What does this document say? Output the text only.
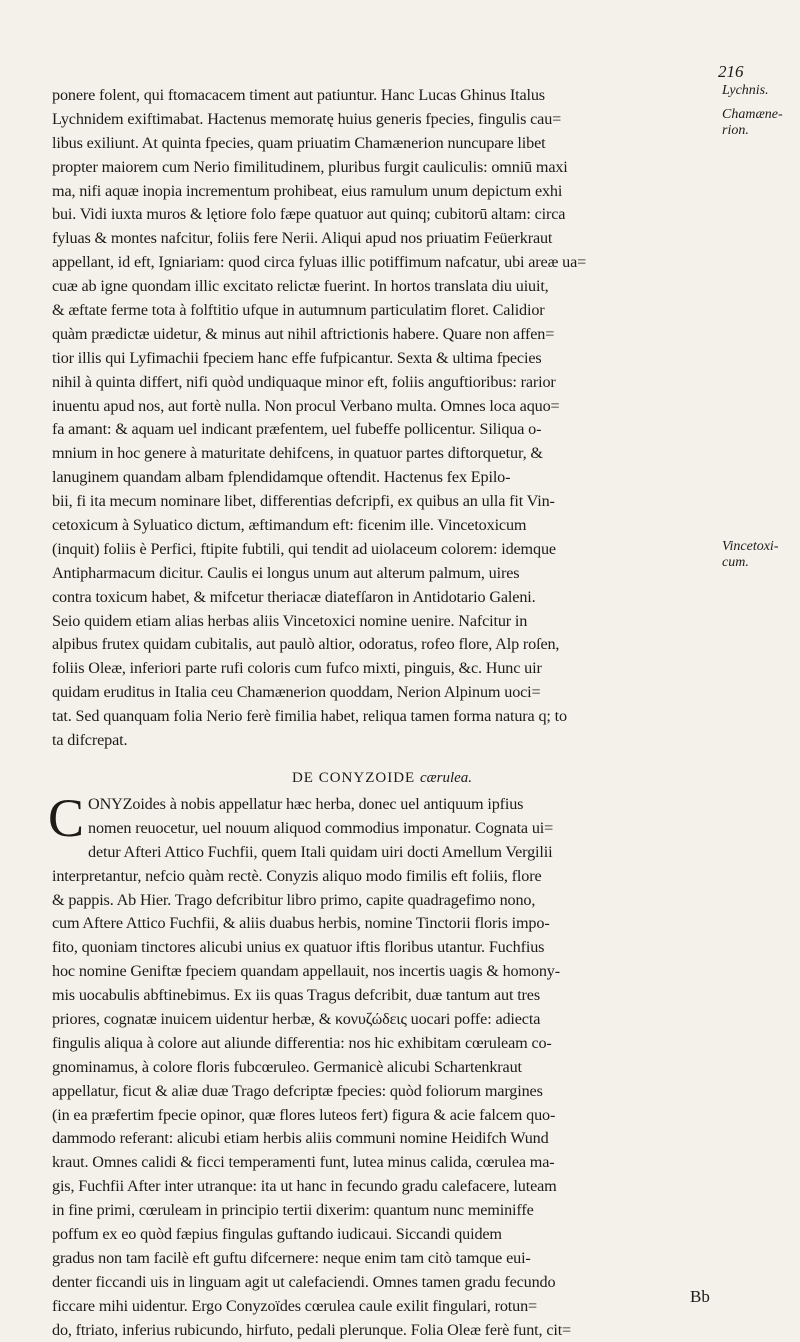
216
Lychnis.
Chamæne-
rion.
Vincetoxi-
cum.
ponere folent, qui ftomacacem timent aut patiuntur. Hanc Lucas Ghinus Italus
Lychnidem exiftimabat. Hactenus memoratę huius generis fpecies, fingulis cau=
libus exiliunt. At quinta fpecies, quam priuatim Chamænerion nuncupare libet
propter maiorem cum Nerio fimilitudinem, pluribus furgit cauliculis: omniū maxi
ma, nifi aquæ inopia incrementum prohibeat, eius ramulum unum depictum exhi
bui. Vidi iuxta muros & lętiore folo fæpe quatuor aut quinq; cubitorū altam: circa
fyluas & montes nafcitur, foliis fere Nerii. Aliqui apud nos priuatim Feüerkraut
appellant, id eft, Igniariam: quod circa fyluas illic potiffimum nafcatur, ubi areæ ua=
cuæ ab igne quondam illic excitato relictæ fuerint. In hortos translata diu uiuit,
& æftate ferme tota à folftitio ufque in autumnum particulatim floret. Calidior
quàm prædictæ uidetur, & minus aut nihil aftrictionis habere. Quare non affen=
tior illis qui Lyfimachii fpeciem hanc effe fufpicantur. Sexta & ultima fpecies
nihil à quinta differt, nifi quòd undiquaque minor eft, foliis anguftioribus: rarior
inuentu apud nos, aut fortè nulla. Non procul Verbano multa. Omnes loca aquo=
fa amant: & aquam uel indicant præfentem, uel fubeffe pollicentur. Siliqua o-
mnium in hoc genere à maturitate dehifcens, in quatuor partes diftorquetur, &
lanuginem quandam albam fplendidamque oftendit. Hactenus fex Epilo-
bii, fi ita mecum nominare libet, differentias defcripfi, ex quibus an ulla fit Vin-
cetoxicum à Syluatico dictum, æftimandum eft: ficenim ille. Vincetoxicum
(inquit) foliis è Perfici, ftipite fubtili, qui tendit ad uiolaceum colorem: idemque
Antipharmacum dicitur. Caulis ei longus unum aut alterum palmum, uires
contra toxicum habet, & mifcetur theriacæ diatefſaron in Antidotario Galeni.
Seio quidem etiam alias herbas aliis Vincetoxici nomine uenire. Nafcitur in
alpibus frutex quidam cubitalis, aut paulò altior, odoratus, rofeo flore, Alp roſen,
foliis Oleæ, inferiori parte rufi coloris cum fufco mixti, pinguis, &c. Hunc uir
quidam eruditus in Italia ceu Chamænerion quoddam, Nerion Alpinum uoci=
tat. Sed quanquam folia Nerio ferè fimilia habet, reliqua tamen forma natura q; to
ta difcrepat.
DE CONYZOIDE cærulea.
C ONYZoides à nobis appellatur hæc herba, donec uel antiquum ipfius
nomen reuocetur, uel nouum aliquod commodius imponatur. Cognata ui=
detur Afteri Attico Fuchfii, quem Itali quidam uiri docti Amellum Vergilii
interpretantur, nefcio quàm rectè. Conyzis aliquo modo fimilis eft foliis, flore
& pappis. Ab Hier. Trago defcribitur libro primo, capite quadragefimo nono,
cum Aftere Attico Fuchfii, & aliis duabus herbis, nomine Tinctorii floris impo-
fito, quoniam tinctores alicubi unius ex quatuor iftis floribus utantur. Fuchfius
hoc nomine Geniftæ fpeciem quandam appellauit, nos incertis uagis & homony-
mis uocabulis abftinebimus. Ex iis quas Tragus defcribit, duæ tantum aut tres
priores, cognatæ inuicem uidentur herbæ, & κονυζώδεις uocari poffe: adiecta
fingulis aliqua à colore aut aliunde differentia: nos hic exhibitam cœruleam co-
gnominamus, à colore floris fubcœruleo. Germanicè alicubi Schartenkraut
appellatur, ficut & aliæ duæ Trago defcriptæ fpecies: quòd foliorum margines
(in ea præfertim fpecie opinor, quæ flores luteos fert) figura & acie falcem quo-
dammodo referant: alicubi etiam herbis aliis communi nomine Heidifch Wund
kraut. Omnes calidi & ficci temperamenti funt, lutea minus calida, cœrulea ma-
gis, Fuchfii After inter utranque: ita ut hanc in fecundo gradu calefacere, luteam
in fine primi, cœruleam in principio tertii dixerim: quantum nunc meminiffe
poffum ex eo quòd fæpius fingulas guftando iudicaui. Siccandi quidem
gradus non tam facilè eft guftu difcernere: neque enim tam citò tamque eui-
denter ficcandi uis in linguam agit ut calefaciendi. Omnes tamen gradu fecundo
ficcare mihi uidentur. Ergo Conyzoïdes cœrulea caule exilit fingulari, rotun=
do, ftriato, inferius rubicundo, hirfuto, pedali plerunque. Folia Oleæ ferè funt, cit=
Bb
